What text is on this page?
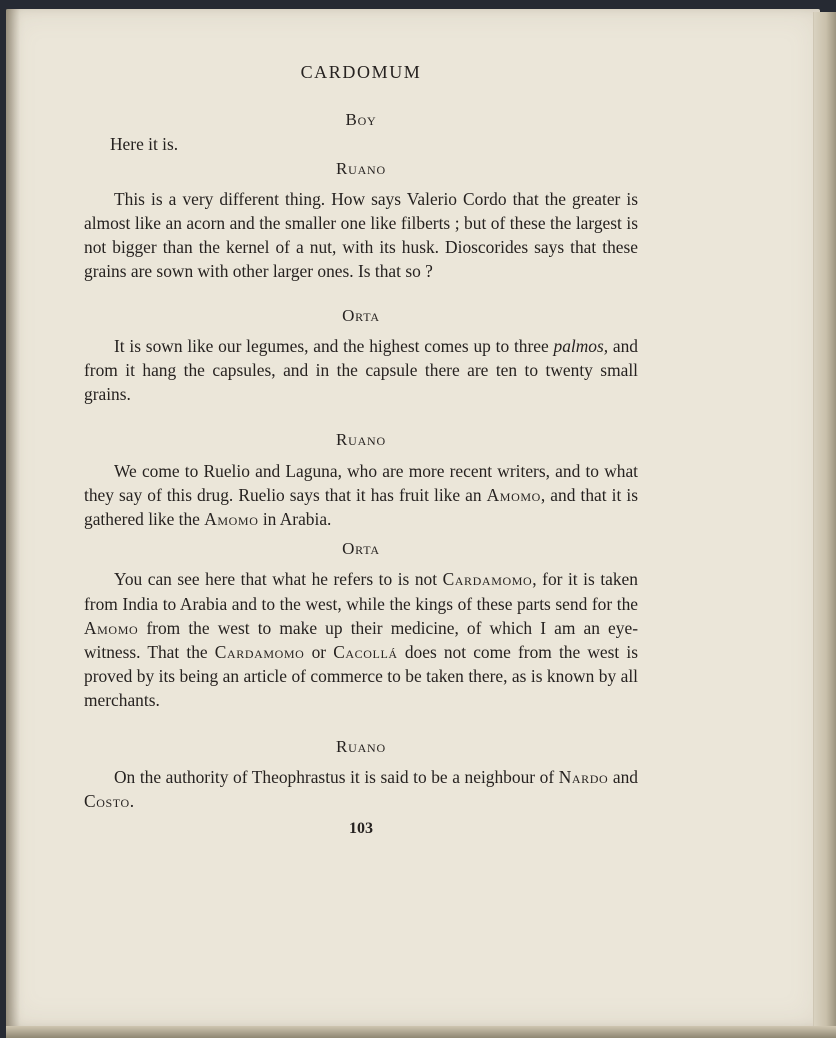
CARDOMUM

Boy

Here it is.

Ruano

This is a very different thing. How says Valerio Cordo that the greater is almost like an acorn and the smaller one like filberts ; but of these the largest is not bigger than the kernel of a nut, with its husk. Dioscorides says that these grains are sown with other larger ones. Is that so ?

Orta

It is sown like our legumes, and the highest comes up to three palmos, and from it hang the capsules, and in the capsule there are ten to twenty small grains.

Ruano

We come to Ruelio and Laguna, who are more recent writers, and to what they say of this drug. Ruelio says that it has fruit like an Amomo, and that it is gathered like the Amomo in Arabia.

Orta

You can see here that what he refers to is not Cardamomo, for it is taken from India to Arabia and to the west, while the kings of these parts send for the Amomo from the west to make up their medicine, of which I am an eye-witness. That the Cardamomo or Cacollá does not come from the west is proved by its being an article of commerce to be taken there, as is known by all merchants.

Ruano

On the authority of Theophrastus it is said to be a neighbour of Nardo and Costo.

103
